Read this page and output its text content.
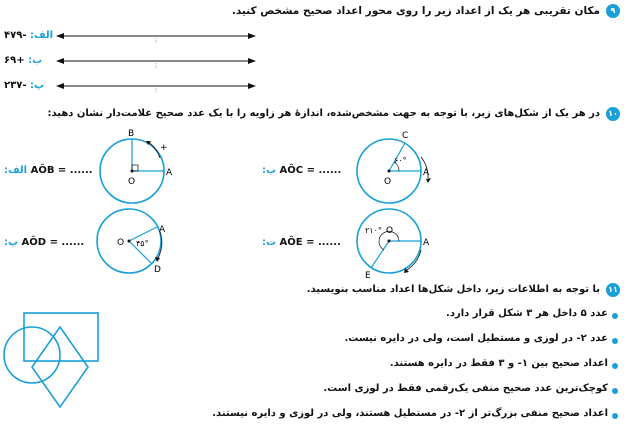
۹
مکان تقریبی هر یک از اعداد زیر را روی محور اعداد صحیح مشخص کنید.
الف: -۴۷۹
ب: +۶۹
پ: -۲۳۷
۱۰
در هر یک از شکل‌های زیر، با توجه به جهت مشخص‌شده، اندازهٔ هر زاویه را با یک عدد صحیح علامت‌دار نشان دهید:
B
O
A
+
C
O
A
۶۰°
A
O
D
۴۵°
O
A
E
۲۱۰°
الف: AÔB = ......	ب: AÔC = ......
پ: AÔD = ......	ت: AÔE = ......
۱۱
با توجه به اطلاعات زیر، داخل شکل‌ها اعداد مناسب بنویسید.
عدد ۵ داخل هر ۳ شکل قرار دارد.
عدد ۲- در لوزی و مستطیل است، ولی در دایره نیست.
اعداد صحیح بین ۱- و ۳ فقط در دایره هستند.
کوچک‌ترین عدد صحیح منفی یک‌رقمی فقط در لوزی است.
اعداد صحیح منفی بزرگ‌تر از ۲- در مستطیل هستند، ولی در لوزی و دایره نیستند.
